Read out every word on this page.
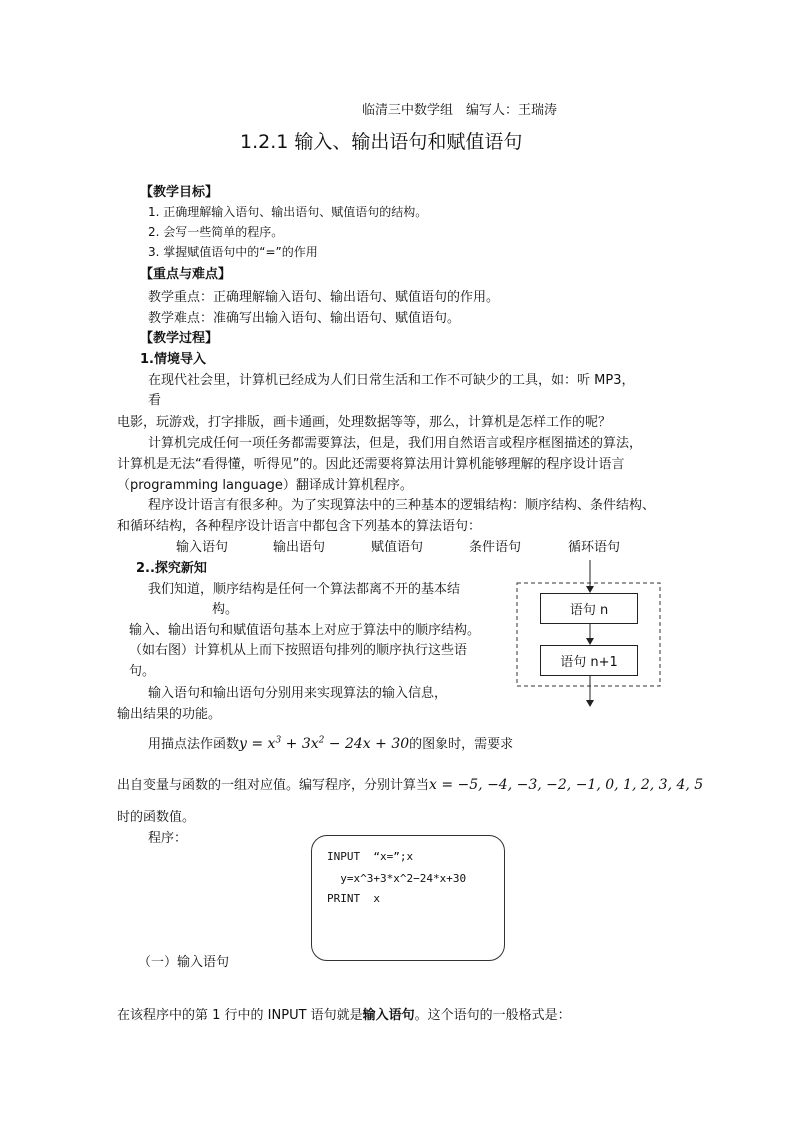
临清三中数学组　编写人：王瑞涛
1.2.1 输入、输出语句和赋值语句
【教学目标】
1. 正确理解输入语句、输出语句、赋值语句的结构。
2. 会写一些简单的程序。
3. 掌握赋值语句中的“=”的作用
【重点与难点】
教学重点：正确理解输入语句、输出语句、赋值语句的作用。
教学难点：准确写出输入语句、输出语句、赋值语句。
【教学过程】
1.情境导入
在现代社会里，计算机已经成为人们日常生活和工作不可缺少的工具，如：听 MP3，
看
电影，玩游戏，打字排版，画卡通画，处理数据等等，那么，计算机是怎样工作的呢？
计算机完成任何一项任务都需要算法，但是，我们用自然语言或程序框图描述的算法，
计算机是无法“看得懂，听得见”的。因此还需要将算法用计算机能够理解的程序设计语言
（programming language）翻译成计算机程序。
程序设计语言有很多种。为了实现算法中的三种基本的逻辑结构：顺序结构、条件结构、
和循环结构，各种程序设计语言中都包含下列基本的算法语句：
输入语句	输出语句	赋值语句	条件语句	循环语句
2..探究新知
我们知道，顺序结构是任何一个算法都离不开的基本结
构。
输入、输出语句和赋值语句基本上对应于算法中的顺序结构。
（如右图）计算机从上而下按照语句排列的顺序执行这些语
句。
输入语句和输出语句分别用来实现算法的输入信息，
输出结果的功能。
语句 n
语句 n+1
用描点法作函数$y = x^3 + 3x^2 - 24x + 30$的图象时，需要求
出自变量与函数的一组对应值。编写程序，分别计算当x = −5, −4, −3, −2, −1, 0, 1, 2, 3, 4, 5
时的函数值。
程序：
INPUT  “x=”;x
y=x^3+3*x^2−24*x+30
PRINT  x
（一）输入语句
在该程序中的第 1 行中的 INPUT 语句就是输入语句。这个语句的一般格式是：
